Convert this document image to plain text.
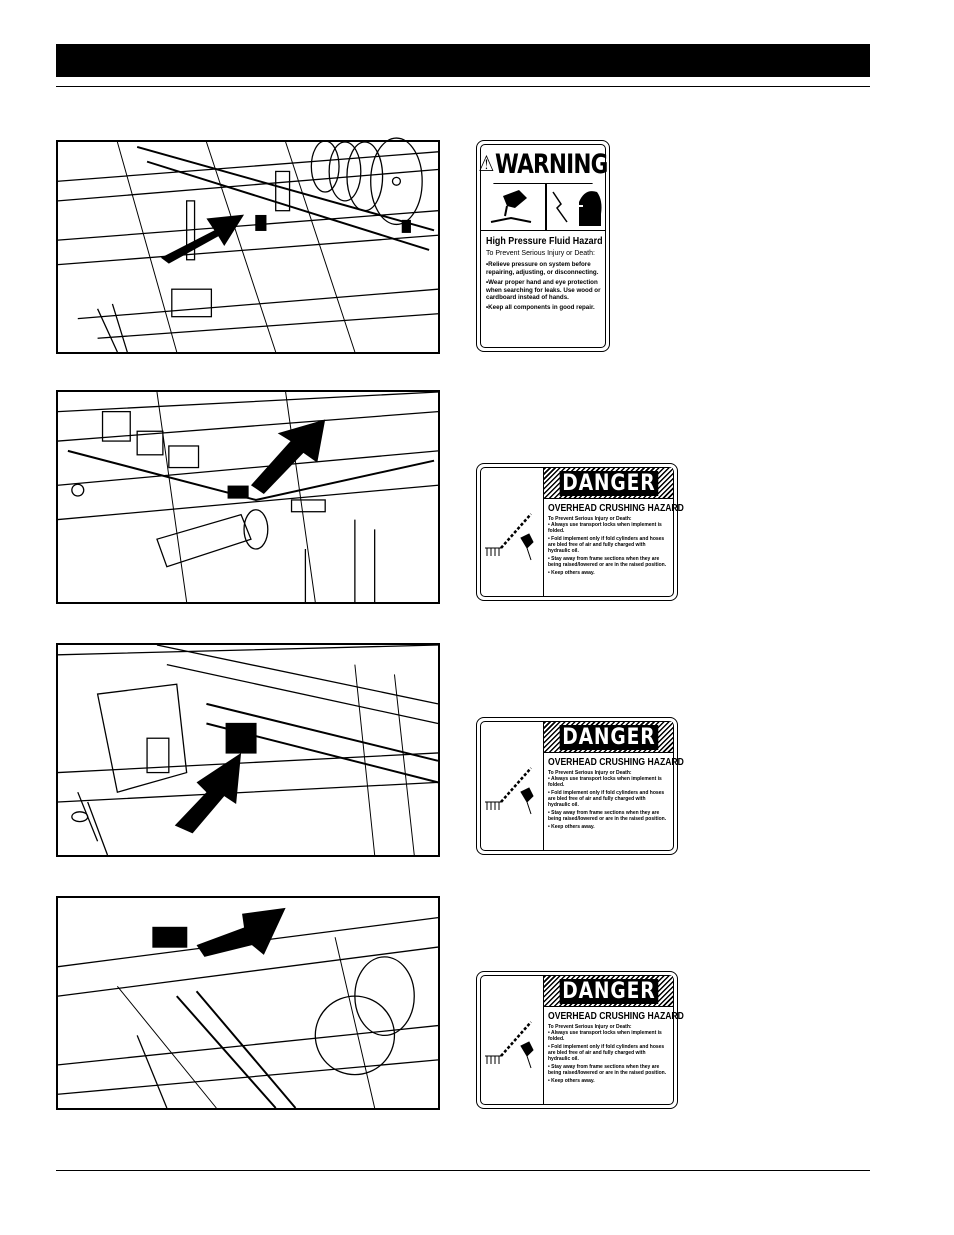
⚠ WARNING
High Pressure Fluid Hazard
To Prevent Serious Injury or Death:
•Relieve pressure on system before repairing, adjusting, or disconnecting.
•Wear proper hand and eye protection when searching for leaks. Use wood or cardboard instead of hands.
•Keep all components in good repair.
DANGER
OVERHEAD CRUSHING HAZARD
To Prevent Serious Injury or Death:
• Always use transport locks when implement is folded.
• Fold implement only if fold cylinders and hoses are bled free of air and fully charged with hydraulic oil.
• Stay away from frame sections when they are being raised/lowered or are in the raised position.
• Keep others away.
DANGER
OVERHEAD CRUSHING HAZARD
To Prevent Serious Injury or Death:
• Always use transport locks when implement is folded.
• Fold implement only if fold cylinders and hoses are bled free of air and fully charged with hydraulic oil.
• Stay away from frame sections when they are being raised/lowered or are in the raised position.
• Keep others away.
DANGER
OVERHEAD CRUSHING HAZARD
To Prevent Serious Injury or Death:
• Always use transport locks when implement is folded.
• Fold implement only if fold cylinders and hoses are bled free of air and fully charged with hydraulic oil.
• Stay away from frame sections when they are being raised/lowered or are in the raised position.
• Keep others away.
